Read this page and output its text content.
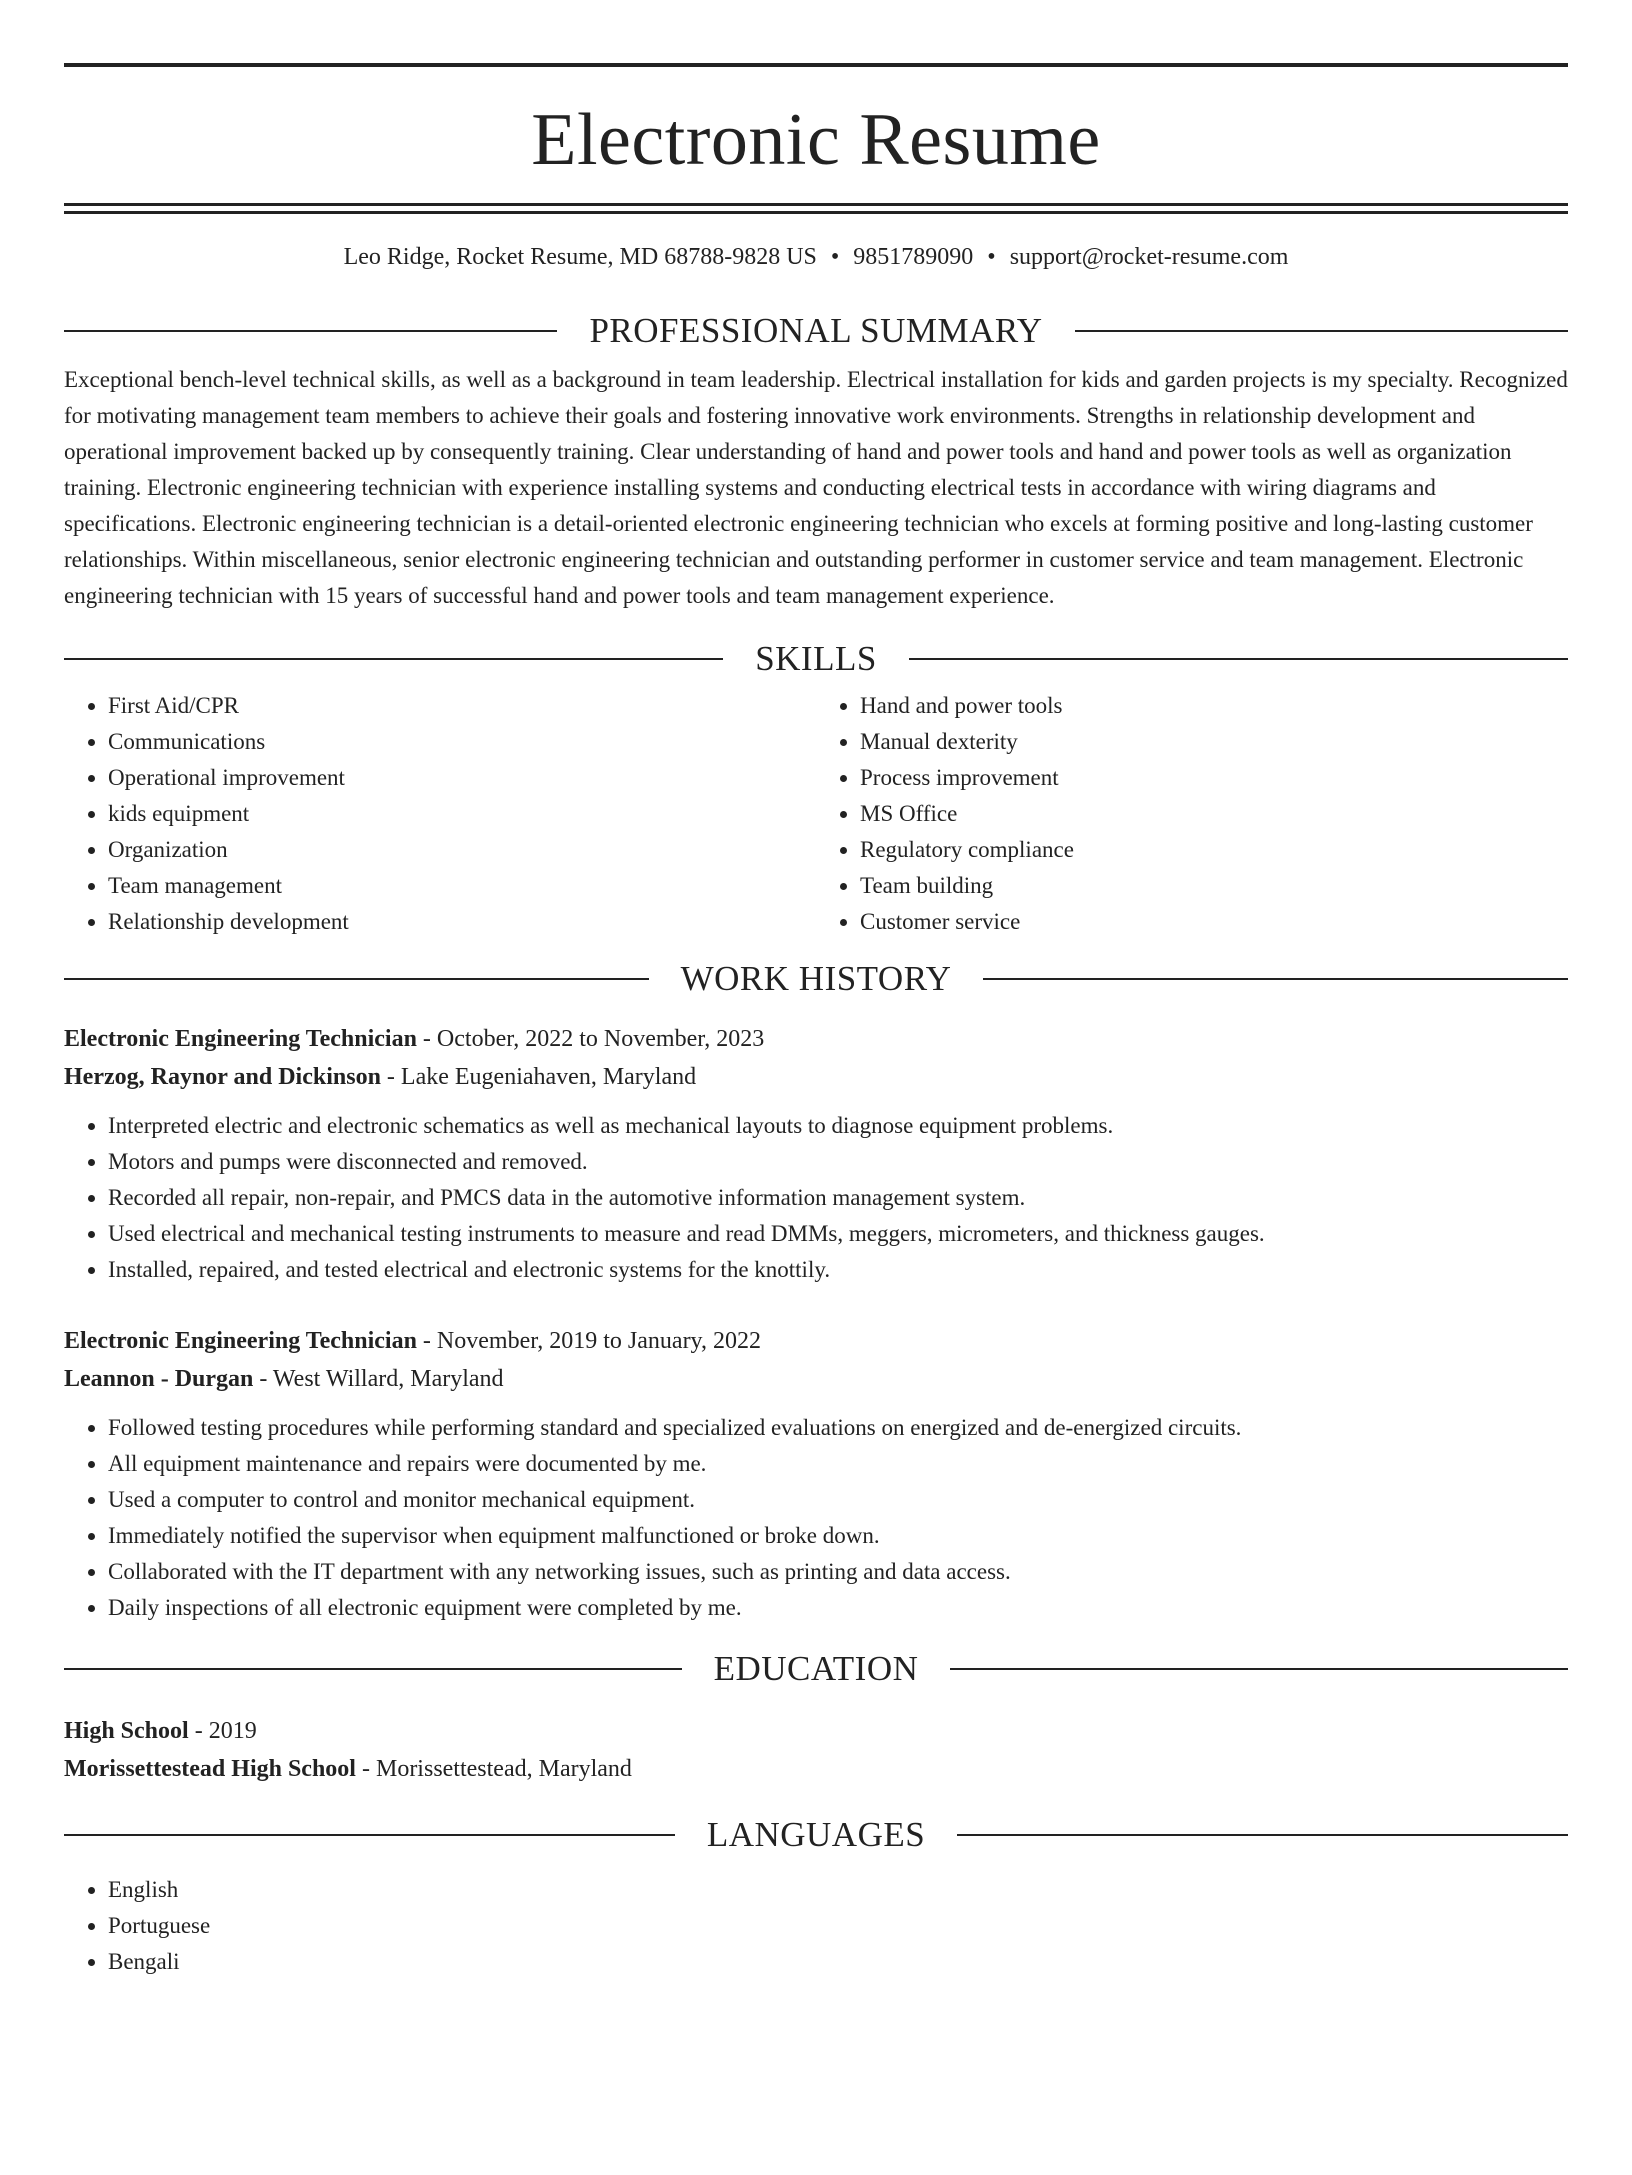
Electronic Resume
Leo Ridge, Rocket Resume, MD 68788-9828 US • 9851789090 • support@rocket-resume.com
PROFESSIONAL SUMMARY
Exceptional bench-level technical skills, as well as a background in team leadership. Electrical installation for kids and garden projects is my specialty. Recognized for motivating management team members to achieve their goals and fostering innovative work environments. Strengths in relationship development and operational improvement backed up by consequently training. Clear understanding of hand and power tools and hand and power tools as well as organization training. Electronic engineering technician with experience installing systems and conducting electrical tests in accordance with wiring diagrams and specifications. Electronic engineering technician is a detail-oriented electronic engineering technician who excels at forming positive and long-lasting customer relationships. Within miscellaneous, senior electronic engineering technician and outstanding performer in customer service and team management. Electronic engineering technician with 15 years of successful hand and power tools and team management experience.
SKILLS
• First Aid/CPR
• Communications
• Operational improvement
• kids equipment
• Organization
• Team management
• Relationship development
• Hand and power tools
• Manual dexterity
• Process improvement
• MS Office
• Regulatory compliance
• Team building
• Customer service
WORK HISTORY
Electronic Engineering Technician - October, 2022 to November, 2023
Herzog, Raynor and Dickinson - Lake Eugeniahaven, Maryland
• Interpreted electric and electronic schematics as well as mechanical layouts to diagnose equipment problems.
• Motors and pumps were disconnected and removed.
• Recorded all repair, non-repair, and PMCS data in the automotive information management system.
• Used electrical and mechanical testing instruments to measure and read DMMs, meggers, micrometers, and thickness gauges.
• Installed, repaired, and tested electrical and electronic systems for the knottily.
Electronic Engineering Technician - November, 2019 to January, 2022
Leannon - Durgan - West Willard, Maryland
• Followed testing procedures while performing standard and specialized evaluations on energized and de-energized circuits.
• All equipment maintenance and repairs were documented by me.
• Used a computer to control and monitor mechanical equipment.
• Immediately notified the supervisor when equipment malfunctioned or broke down.
• Collaborated with the IT department with any networking issues, such as printing and data access.
• Daily inspections of all electronic equipment were completed by me.
EDUCATION
High School - 2019
Morissettestead High School - Morissettestead, Maryland
LANGUAGES
• English
• Portuguese
• Bengali
